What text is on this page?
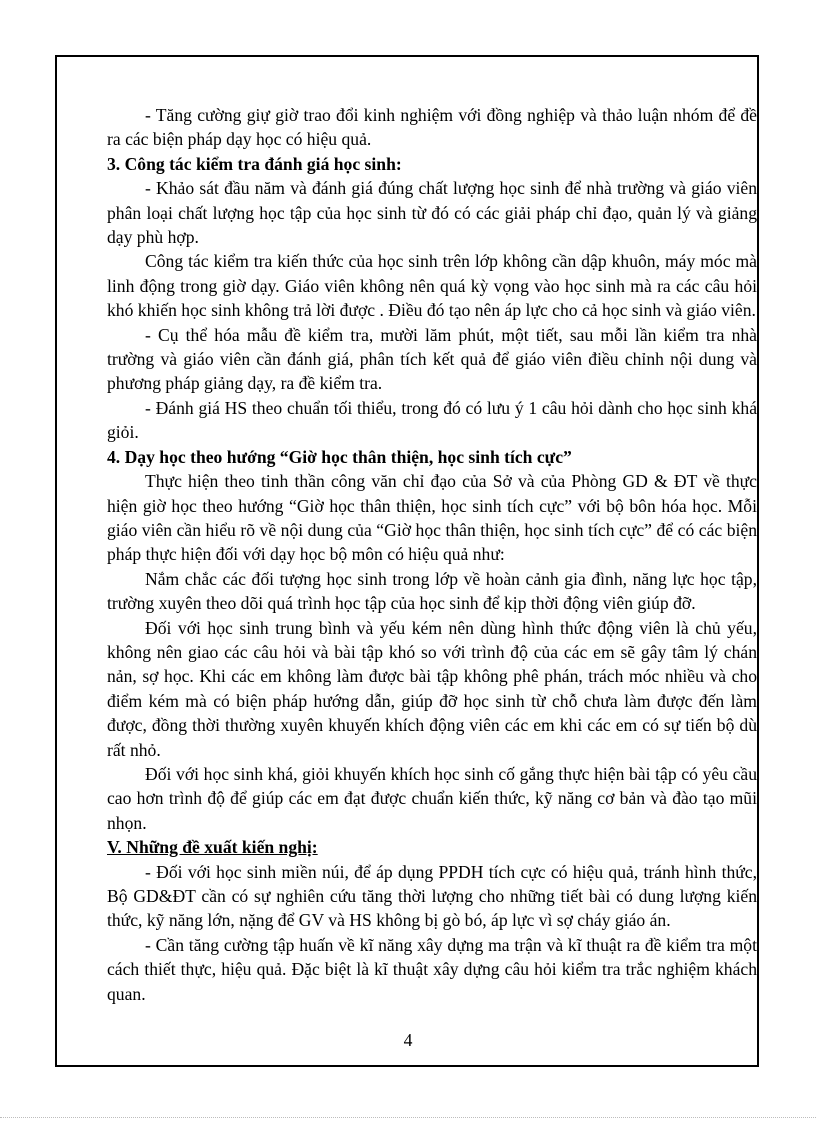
- Tăng cường giự giờ trao đổi kinh nghiệm với đồng nghiệp và thảo luận nhóm để đề ra các biện pháp dạy học có hiệu quả.

3. Công tác kiểm tra đánh giá học sinh:

- Khảo sát đầu năm và đánh giá đúng chất lượng học sinh để nhà trường và giáo viên phân loại chất lượng học tập của học sinh từ đó có các giải pháp chỉ đạo, quản lý và giảng dạy phù hợp.

Công tác kiểm tra kiến thức của học sinh trên lớp không cần dập khuôn, máy móc mà linh động trong giờ dạy. Giáo viên không nên quá kỳ vọng vào học sinh mà ra các câu hỏi khó khiến học sinh không trả lời được . Điều đó tạo nên áp lực cho cả học sinh và giáo viên.

- Cụ thể hóa mẫu đề kiểm tra, mười lăm phút, một tiết, sau mỗi lần kiểm tra nhà trường và giáo viên cần đánh giá, phân tích kết quả để giáo viên điều chỉnh nội dung và phương pháp giảng dạy, ra đề kiểm tra.

- Đánh giá HS theo chuẩn tối thiểu, trong đó có lưu ý 1 câu hỏi dành cho học sinh khá giỏi.

4. Dạy học theo hướng “Giờ học thân thiện, học sinh tích cực”

Thực hiện theo tinh thần công văn chỉ đạo của Sở và của Phòng GD & ĐT về thực hiện giờ học theo hướng “Giờ học thân thiện, học sinh tích cực” với bộ bôn hóa học. Mỗi giáo viên cần hiểu rõ về nội dung của “Giờ học thân thiện, học sinh tích cực” để có các biện pháp thực hiện đối với dạy học bộ môn có hiệu quả như:

Nắm chắc các đối tượng học sinh trong lớp về hoàn cảnh gia đình, năng lực học tập, trường xuyên theo dõi quá trình học tập của học sinh để kịp thời động viên giúp đỡ.

Đối với học sinh trung bình và yếu kém nên dùng hình thức động viên là chủ yếu, không nên giao các câu hỏi và bài tập khó so với trình độ của các em sẽ gây tâm lý chán nản, sợ học. Khi các em không làm được bài tập không phê phán, trách móc nhiều và cho điểm kém mà có biện pháp hướng dẫn, giúp đỡ học sinh từ chỗ chưa làm được đến làm được, đồng thời thường xuyên khuyến khích động viên các em khi các em có sự tiến bộ dù rất nhỏ.

Đối với học sinh khá, giỏi khuyến khích học sinh cố gắng thực hiện bài tập có yêu cầu cao hơn trình độ để giúp các em đạt được chuẩn kiến thức, kỹ năng cơ bản và đào tạo mũi nhọn.

V. Những đề xuất kiến nghị:

- Đối với học sinh miền núi, để áp dụng PPDH tích cực có hiệu quả, tránh hình thức, Bộ GD&ĐT cần có sự nghiên cứu tăng thời lượng cho những tiết bài có dung lượng kiến thức, kỹ năng lớn, nặng để GV và HS không bị gò bó, áp lực vì sợ cháy giáo án.

- Cần tăng cường tập huấn về kĩ năng xây dựng ma trận và kĩ thuật ra đề kiểm tra một cách thiết thực, hiệu quả. Đặc biệt là kĩ thuật xây dựng câu hỏi kiểm tra trắc nghiệm khách quan.

4
